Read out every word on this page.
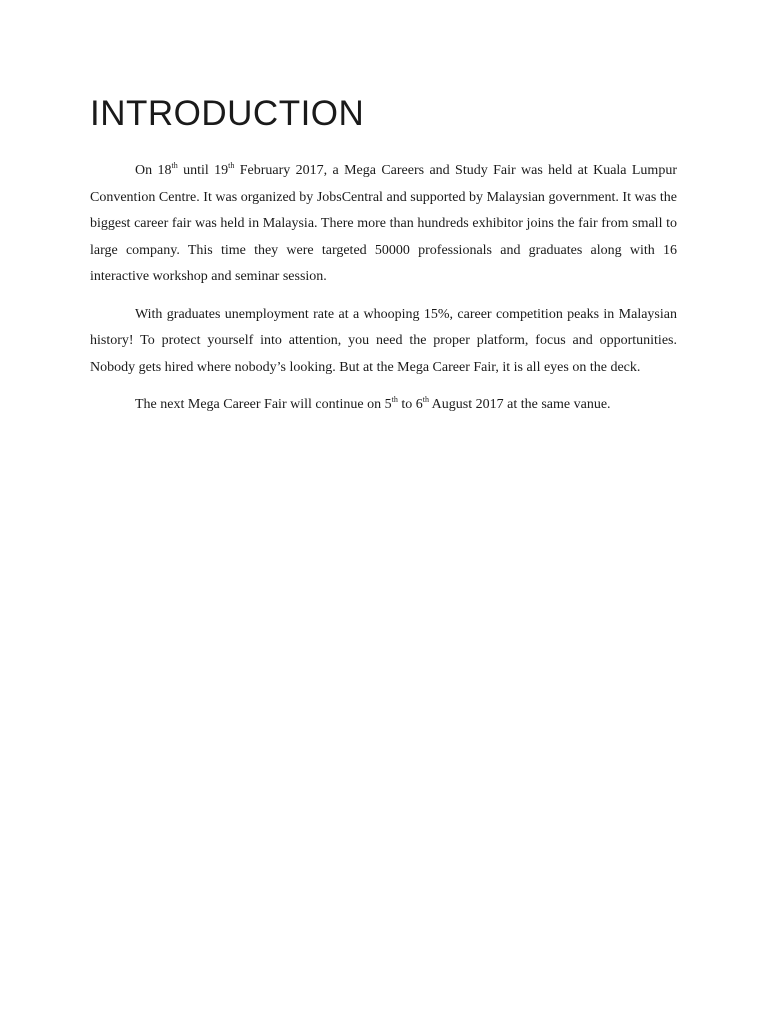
INTRODUCTION

On 18th until 19th February 2017, a Mega Careers and Study Fair was held at Kuala Lumpur Convention Centre. It was organized by JobsCentral and supported by Malaysian government. It was the biggest career fair was held in Malaysia. There more than hundreds exhibitor joins the fair from small to large company. This time they were targeted 50000 professionals and graduates along with 16 interactive workshop and seminar session.

With graduates unemployment rate at a whooping 15%, career competition peaks in Malaysian history! To protect yourself into attention, you need the proper platform, focus and opportunities. Nobody gets hired where nobody’s looking. But at the Mega Career Fair, it is all eyes on the deck.

The next Mega Career Fair will continue on 5th to 6th August 2017 at the same vanue.
